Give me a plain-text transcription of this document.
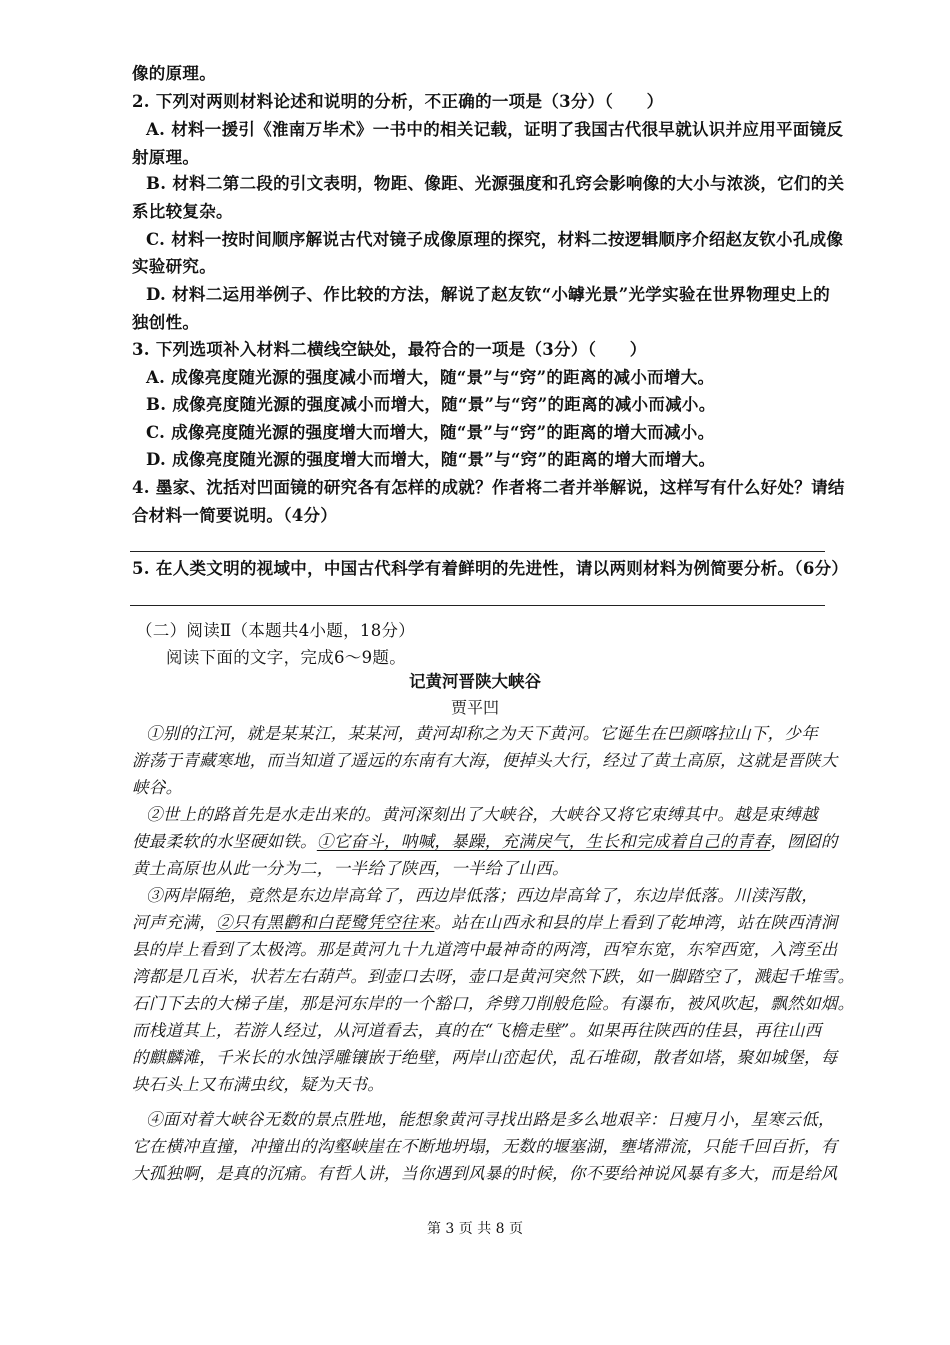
像的原理。
2. 下列对两则材料论述和说明的分析，不正确的一项是（3分）（　　）
A. 材料一援引《淮南万毕术》一书中的相关记载，证明了我国古代很早就认识并应用平面镜反
射原理。
B. 材料二第二段的引文表明，物距、像距、光源强度和孔窍会影响像的大小与浓淡，它们的关
系比较复杂。
C. 材料一按时间顺序解说古代对镜子成像原理的探究，材料二按逻辑顺序介绍赵友钦小孔成像
实验研究。
D. 材料二运用举例子、作比较的方法，解说了赵友钦“小罅光景”光学实验在世界物理史上的
独创性。
3. 下列选项补入材料二横线空缺处，最符合的一项是（3分）（　　）
A. 成像亮度随光源的强度减小而增大，随“景”与“窍”的距离的减小而增大。
B. 成像亮度随光源的强度减小而增大，随“景”与“窍”的距离的减小而减小。
C. 成像亮度随光源的强度增大而增大，随“景”与“窍”的距离的增大而减小。
D. 成像亮度随光源的强度增大而增大，随“景”与“窍”的距离的增大而增大。
4. 墨家、沈括对凹面镜的研究各有怎样的成就？作者将二者并举解说，这样写有什么好处？请结
合材料一简要说明。（4分）
5. 在人类文明的视域中，中国古代科学有着鲜明的先进性，请以两则材料为例简要分析。（6分）
（二）阅读Ⅱ（本题共4小题，18分）
阅读下面的文字，完成6～9题。
记黄河晋陕大峡谷
贾平凹
①别的江河，就是某某江，某某河，黄河却称之为天下黄河。它诞生在巴颜喀拉山下，少年
游荡于青藏寒地，而当知道了遥远的东南有大海，便掉头大行，经过了黄土高原，这就是晋陕大
峡谷。
②世上的路首先是水走出来的。黄河深刻出了大峡谷，大峡谷又将它束缚其中。越是束缚越
使最柔软的水坚硬如铁。①它奋斗，呐喊，暴躁，充满戾气，生长和完成着自己的青春，囫囵的
黄土高原也从此一分为二，一半给了陕西，一半给了山西。
③两岸隔绝，竟然是东边岸高耸了，西边岸低落；西边岸高耸了，东边岸低落。川渎泻散，
河声充满，②只有黑鹳和白琵鹭凭空往来。站在山西永和县的岸上看到了乾坤湾，站在陕西清涧
县的岸上看到了太极湾。那是黄河九十九道湾中最神奇的两湾，西窄东宽，东窄西宽，入湾至出
湾都是几百米，状若左右葫芦。到壶口去呀，壶口是黄河突然下跌，如一脚踏空了，溅起千堆雪。
石门下去的大梯子崖，那是河东岸的一个豁口，斧劈刀削般危险。有瀑布，被风吹起，飘然如烟。
而栈道其上，若游人经过，从河道看去，真的在“飞檐走壁”。如果再往陕西的佳县，再往山西
的麒麟滩，千米长的水蚀浮雕镶嵌于绝壁，两岸山峦起伏，乱石堆砌，散者如塔，聚如城堡，每
块石头上又布满虫纹，疑为天书。
④面对着大峡谷无数的景点胜地，能想象黄河寻找出路是多么地艰辛：日瘦月小，星寒云低，
它在横冲直撞，冲撞出的沟壑峡崖在不断地坍塌，无数的堰塞湖，壅堵滞流，只能千回百折，有
大孤独啊，是真的沉痛。有哲人讲，当你遇到风暴的时候，你不要给神说风暴有多大，而是给风
第 3 页 共 8 页
